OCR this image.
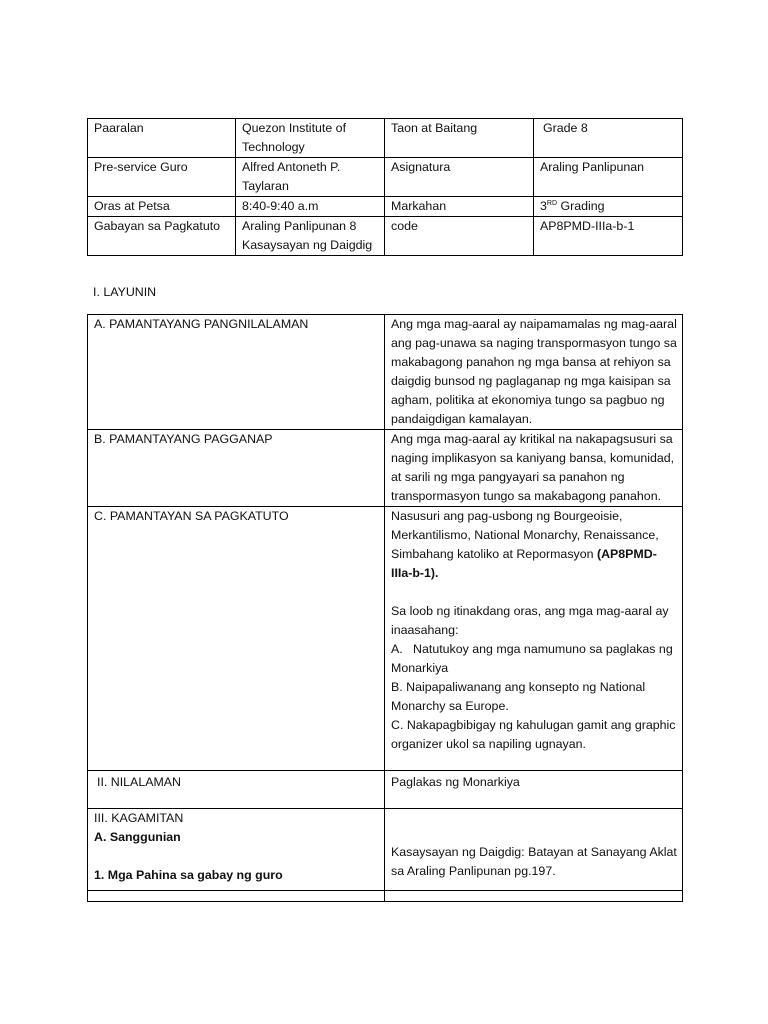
Paaralan	Quezon Institute of Technology	Taon at Baitang	Grade 8
Pre-service Guro	Alfred Antoneth P. Taylaran	Asignatura	Araling Panlipunan
Oras at Petsa	8:40-9:40 a.m	Markahan	3RD Grading
Gabayan sa Pagkatuto	Araling Panlipunan 8 Kasaysayan ng Daigdig	code	AP8PMD-IIIa-b-1
I. LAYUNIN
A. PAMANTAYANG PANGNILALAMAN	Ang mga mag-aaral ay naipamamalas ng mag-aaral ang pag-unawa sa naging transpormasyon tungo sa makabagong panahon ng mga bansa at rehiyon sa daigdig bunsod ng paglaganap ng mga kaisipan sa agham, politika at ekonomiya tungo sa pagbuo ng pandaigdigan kamalayan.
B. PAMANTAYANG PAGGANAP	Ang mga mag-aaral ay kritikal na nakapagsusuri sa naging implikasyon sa kaniyang bansa, komunidad, at sarili ng mga pangyayari sa panahon ng transpormasyon tungo sa makabagong panahon.
C. PAMANTAYAN SA PAGKATUTO	Nasusuri ang pag-usbong ng Bourgeoisie, Merkantilismo, National Monarchy, Renaissance, Simbahang katoliko at Repormasyon (AP8PMD-IIIa-b-1).
Sa loob ng itinakdang oras, ang mga mag-aaral ay inaasahang:
A.   Natutukoy ang mga namumuno sa paglakas ng Monarkiya
B. Naipapaliwanang ang konsepto ng National Monarchy sa Europe.
C. Nakapagbibigay ng kahulugan gamit ang graphic organizer ukol sa napiling ugnayan.

II. NILALAMAN	Paglakas ng Monarkiya

III. KAGAMITAN
A. Sanggunian
1. Mga Pahina sa gabay ng guro	Kasaysayan ng Daigdig: Batayan at Sanayang Aklat sa Araling Panlipunan pg.197.
